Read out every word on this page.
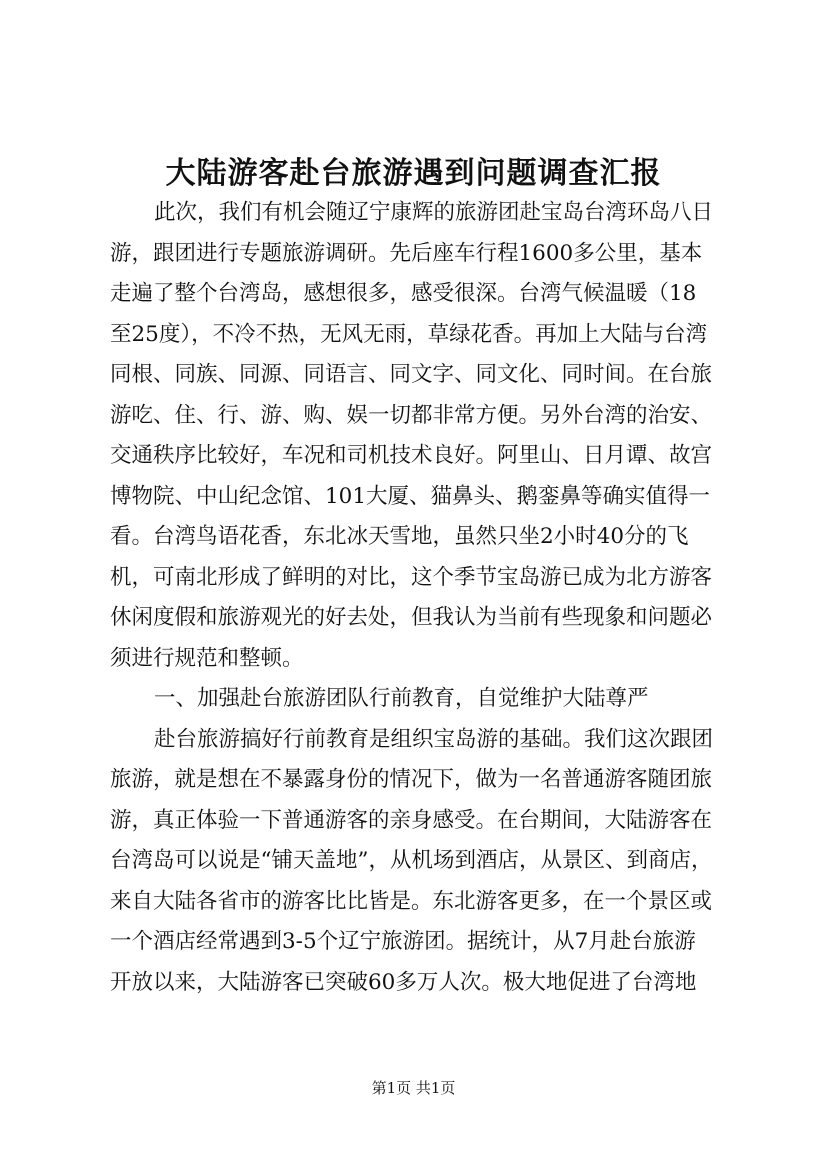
大陆游客赴台旅游遇到问题调查汇报
此次，我们有机会随辽宁康辉的旅游团赴宝岛台湾环岛八日
游，跟团进行专题旅游调研。先后座车行程1600多公里，基本
走遍了整个台湾岛，感想很多，感受很深。台湾气候温暖（18
至25度），不冷不热，无风无雨，草绿花香。再加上大陆与台湾
同根、同族、同源、同语言、同文字、同文化、同时间。在台旅
游吃、住、行、游、购、娱一切都非常方便。另外台湾的治安、
交通秩序比较好，车况和司机技术良好。阿里山、日月谭、故宫
博物院、中山纪念馆、101大厦、猫鼻头、鹅銮鼻等确实值得一
看。台湾鸟语花香，东北冰天雪地，虽然只坐2小时40分的飞
机，可南北形成了鲜明的对比，这个季节宝岛游已成为北方游客
休闲度假和旅游观光的好去处，但我认为当前有些现象和问题必
须进行规范和整顿。
一、加强赴台旅游团队行前教育，自觉维护大陆尊严
赴台旅游搞好行前教育是组织宝岛游的基础。我们这次跟团
旅游，就是想在不暴露身份的情况下，做为一名普通游客随团旅
游，真正体验一下普通游客的亲身感受。在台期间，大陆游客在
台湾岛可以说是“铺天盖地”，从机场到酒店，从景区、到商店，
来自大陆各省市的游客比比皆是。东北游客更多，在一个景区或
一个酒店经常遇到3-5个辽宁旅游团。据统计，从7月赴台旅游
开放以来，大陆游客已突破60多万人次。极大地促进了台湾地
第1页 共1页
